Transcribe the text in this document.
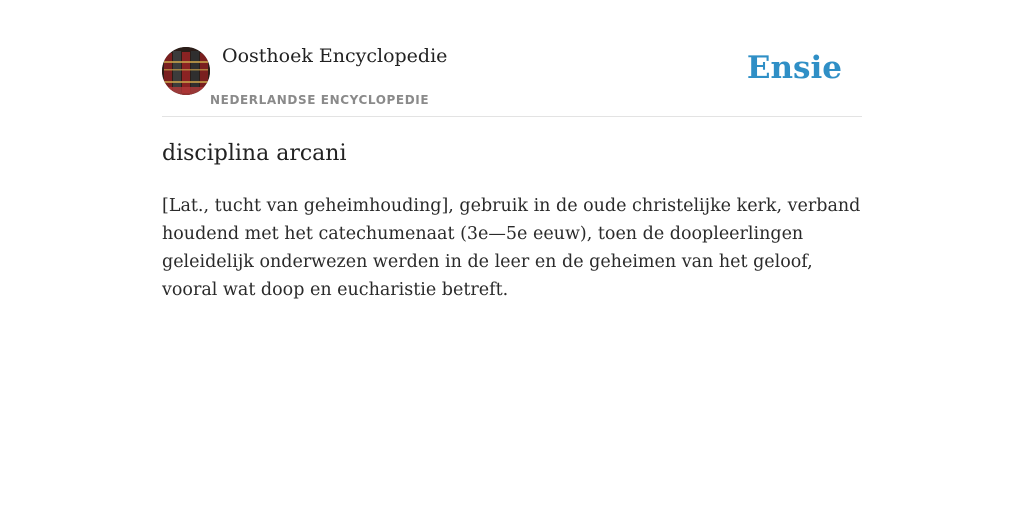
Oosthoek Encyclopedie
NEDERLANDSE ENCYCLOPEDIE
Ensie
disciplina arcani

[Lat., tucht van geheimhouding], gebruik in de oude christelijke kerk, verband houdend met het catechumenaat (3e—5e eeuw), toen de doopleerlingen geleidelijk onderwezen werden in de leer en de geheimen van het geloof, vooral wat doop en eucharistie betreft.
